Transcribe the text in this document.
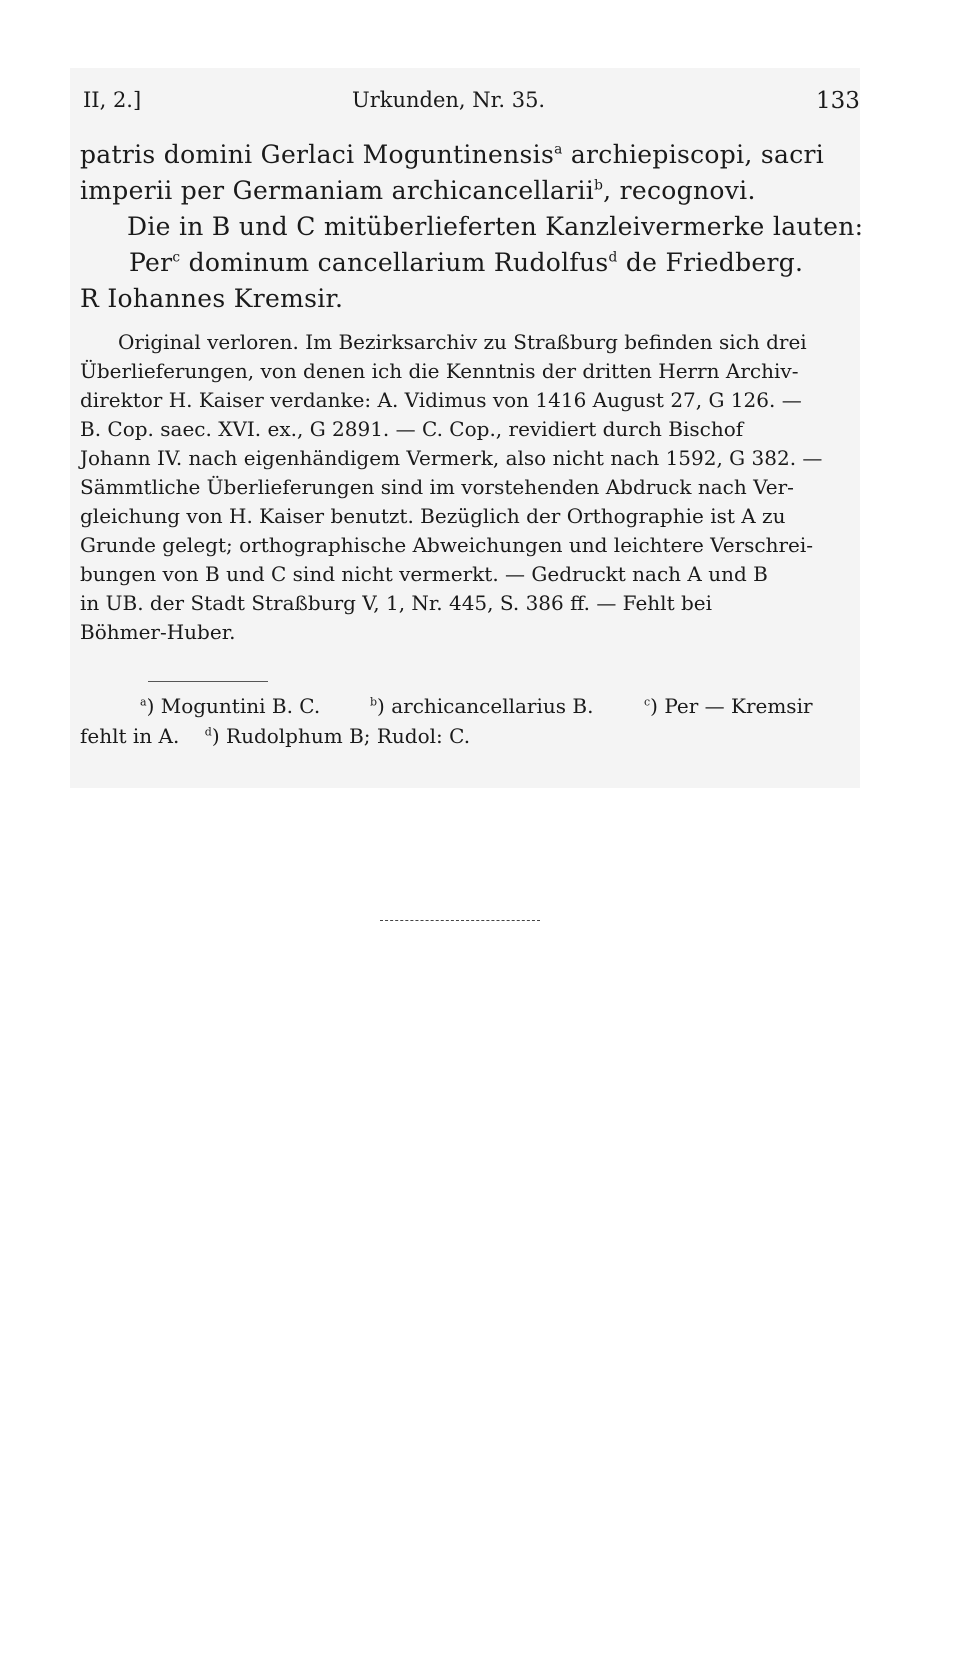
II, 2.]	Urkunden, Nr. 35.	133
patris domini Gerlaci Moguntinensis$^a$ archiepiscopi, sacri
imperii per Germaniam archicancellarii$^b$, recognovi.
Die in B und C mitüberlieferten Kanzleivermerke lauten:
Per$^c$ dominum cancellarium Rudolfus$^d$ de Friedberg.
R Iohannes Kremsir.
Original verloren. Im Bezirksarchiv zu Straßburg befinden sich drei
Überlieferungen, von denen ich die Kenntnis der dritten Herrn Archiv-
direktor H. Kaiser verdanke: A. Vidimus von 1416 August 27, G 126. —
B. Cop. saec. XVI. ex., G 2891. — C. Cop., revidiert durch Bischof
Johann IV. nach eigenhändigem Vermerk, also nicht nach 1592, G 382. —
Sämmtliche Überlieferungen sind im vorstehenden Abdruck nach Ver-
gleichung von H. Kaiser benutzt. Bezüglich der Orthographie ist A zu
Grunde gelegt; orthographische Abweichungen und leichtere Verschrei-
bungen von B und C sind nicht vermerkt. — Gedruckt nach A und B
in UB. der Stadt Straßburg V, 1, Nr. 445, S. 386 ff. — Fehlt bei
Böhmer-Huber.
$^a$) Moguntini B. C.	$^b$) archicancellarius B.	$^c$) Per — Kremsir
fehlt in A. $^d$) Rudolphum B; Rudol: C.
